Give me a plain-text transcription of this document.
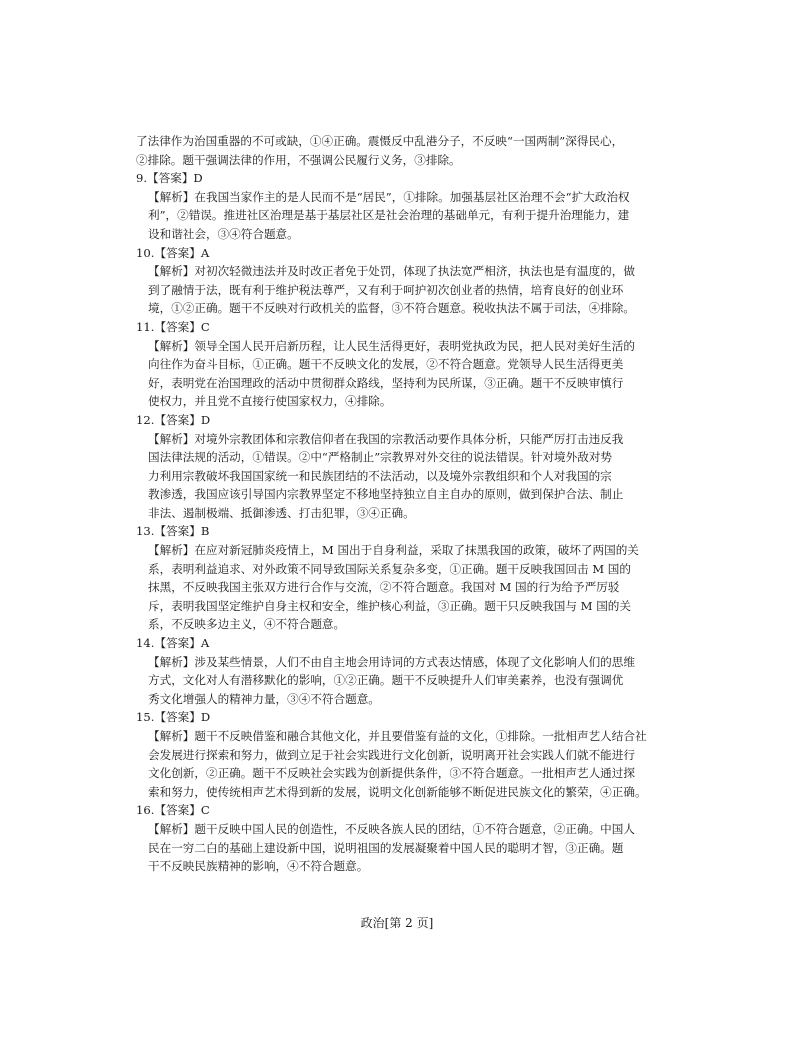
了法律作为治国重器的不可或缺，①④正确。震慑反中乱港分子，不反映“一国两制”深得民心，
②排除。题干强调法律的作用，不强调公民履行义务，③排除。
9.【答案】D
【解析】在我国当家作主的是人民而不是“居民”，①排除。加强基层社区治理不会“扩大政治权
利”，②错误。推进社区治理是基于基层社区是社会治理的基础单元，有利于提升治理能力，建
设和谐社会，③④符合题意。
10.【答案】A
【解析】对初次轻微违法并及时改正者免于处罚，体现了执法宽严相济，执法也是有温度的，做
到了融情于法，既有利于维护税法尊严，又有利于呵护初次创业者的热情，培育良好的创业环
境，①②正确。题干不反映对行政机关的监督，③不符合题意。税收执法不属于司法，④排除。
11.【答案】C
【解析】领导全国人民开启新历程，让人民生活得更好，表明党执政为民，把人民对美好生活的
向往作为奋斗目标，①正确。题干不反映文化的发展，②不符合题意。党领导人民生活得更美
好，表明党在治国理政的活动中贯彻群众路线，坚持利为民所谋，③正确。题干不反映审慎行
使权力，并且党不直接行使国家权力，④排除。
12.【答案】D
【解析】对境外宗教团体和宗教信仰者在我国的宗教活动要作具体分析，只能严厉打击违反我
国法律法规的活动，①错误。②中“严格制止”宗教界对外交往的说法错误。针对境外敌对势
力利用宗教破坏我国国家统一和民族团结的不法活动，以及境外宗教组织和个人对我国的宗
教渗透，我国应该引导国内宗教界坚定不移地坚持独立自主自办的原则，做到保护合法、制止
非法、遏制极端、抵御渗透、打击犯罪，③④正确。
13.【答案】B
【解析】在应对新冠肺炎疫情上，M 国出于自身利益，采取了抹黑我国的政策，破坏了两国的关
系，表明利益追求、对外政策不同导致国际关系复杂多变，①正确。题干反映我国回击 M 国的
抹黑，不反映我国主张双方进行合作与交流，②不符合题意。我国对 M 国的行为给予严厉驳
斥，表明我国坚定维护自身主权和安全，维护核心利益，③正确。题干只反映我国与 M 国的关
系，不反映多边主义，④不符合题意。
14.【答案】A
【解析】涉及某些情景，人们不由自主地会用诗词的方式表达情感，体现了文化影响人们的思维
方式，文化对人有潜移默化的影响，①②正确。题干不反映提升人们审美素养，也没有强调优
秀文化增强人的精神力量，③④不符合题意。
15.【答案】D
【解析】题干不反映借鉴和融合其他文化，并且要借鉴有益的文化，①排除。一批相声艺人结合社
会发展进行探索和努力，做到立足于社会实践进行文化创新，说明离开社会实践人们就不能进行
文化创新，②正确。题干不反映社会实践为创新提供条件，③不符合题意。一批相声艺人通过探
索和努力，使传统相声艺术得到新的发展，说明文化创新能够不断促进民族文化的繁荣，④正确。
16.【答案】C
【解析】题干反映中国人民的创造性，不反映各族人民的团结，①不符合题意，②正确。中国人
民在一穷二白的基础上建设新中国，说明祖国的发展凝聚着中国人民的聪明才智，③正确。题
干不反映民族精神的影响，④不符合题意。
政治[第 2 页]
